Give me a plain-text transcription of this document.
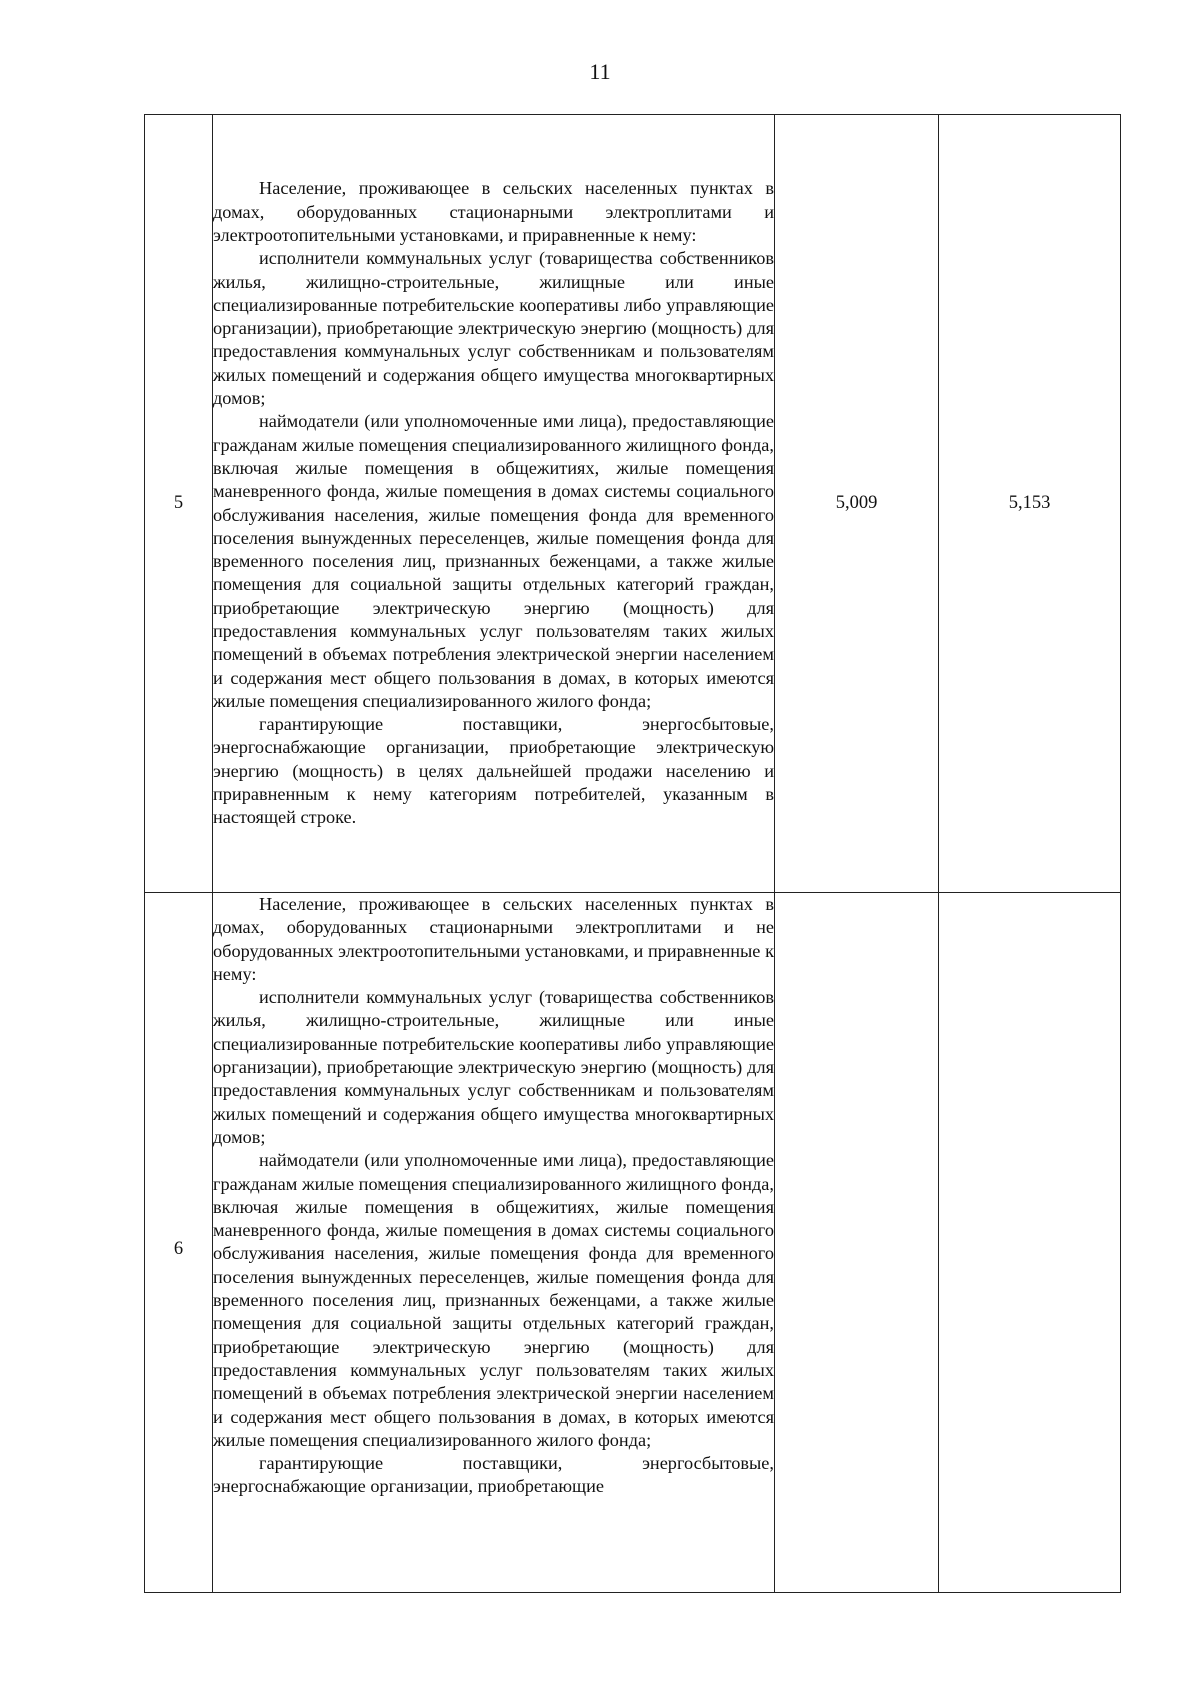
11
5	Население, проживающее в сельских населенных пунктах в домах, оборудованных стационарными электроплитами и электроотопительными установками, и приравненные к нему:

исполнители коммунальных услуг (товарищества собственников жилья, жилищно-строительные, жилищные или иные специализированные потребительские кооперативы либо управляющие организации), приобретающие электрическую энергию (мощность) для предоставления коммунальных услуг собственникам и пользователям жилых помещений и содержания общего имущества многоквартирных домов;

наймодатели (или уполномоченные ими лица), предоставляющие гражданам жилые помещения специализированного жилищного фонда, включая жилые помещения в общежитиях, жилые помещения маневренного фонда, жилые помещения в домах системы социального обслуживания населения, жилые помещения фонда для временного поселения вынужденных переселенцев, жилые помещения фонда для временного поселения лиц, признанных беженцами, а также жилые помещения для социальной защиты отдельных категорий граждан, приобретающие электрическую энергию (мощность) для предоставления коммунальных услуг пользователям таких жилых помещений в объемах потребления электрической энергии населением и содержания мест общего пользования в домах, в которых имеются жилые помещения специализированного жилого фонда;

гарантирующие поставщики, энергосбытовые, энергоснабжающие организации, приобретающие электрическую энергию (мощность) в целях дальнейшей продажи населению и приравненным к нему категориям потребителей, указанным в настоящей строке.	5,009	5,153
6	Население, проживающее в сельских населенных пунктах в домах, оборудованных стационарными электроплитами и не оборудованных электроотопительными установками, и приравненные к нему:

исполнители коммунальных услуг (товарищества собственников жилья, жилищно-строительные, жилищные или иные специализированные потребительские кооперативы либо управляющие организации), приобретающие электрическую энергию (мощность) для предоставления коммунальных услуг собственникам и пользователям жилых помещений и содержания общего имущества многоквартирных домов;

наймодатели (или уполномоченные ими лица), предоставляющие гражданам жилые помещения специализированного жилищного фонда, включая жилые помещения в общежитиях, жилые помещения маневренного фонда, жилые помещения в домах системы социального обслуживания населения, жилые помещения фонда для временного поселения вынужденных переселенцев, жилые помещения фонда для временного поселения лиц, признанных беженцами, а также жилые помещения для социальной защиты отдельных категорий граждан, приобретающие электрическую энергию (мощность) для предоставления коммунальных услуг пользователям таких жилых помещений в объемах потребления электрической энергии населением и содержания мест общего пользования в домах, в которых имеются жилые помещения специализированного жилого фонда;

гарантирующие поставщики, энергосбытовые, энергоснабжающие организации, приобретающие		
